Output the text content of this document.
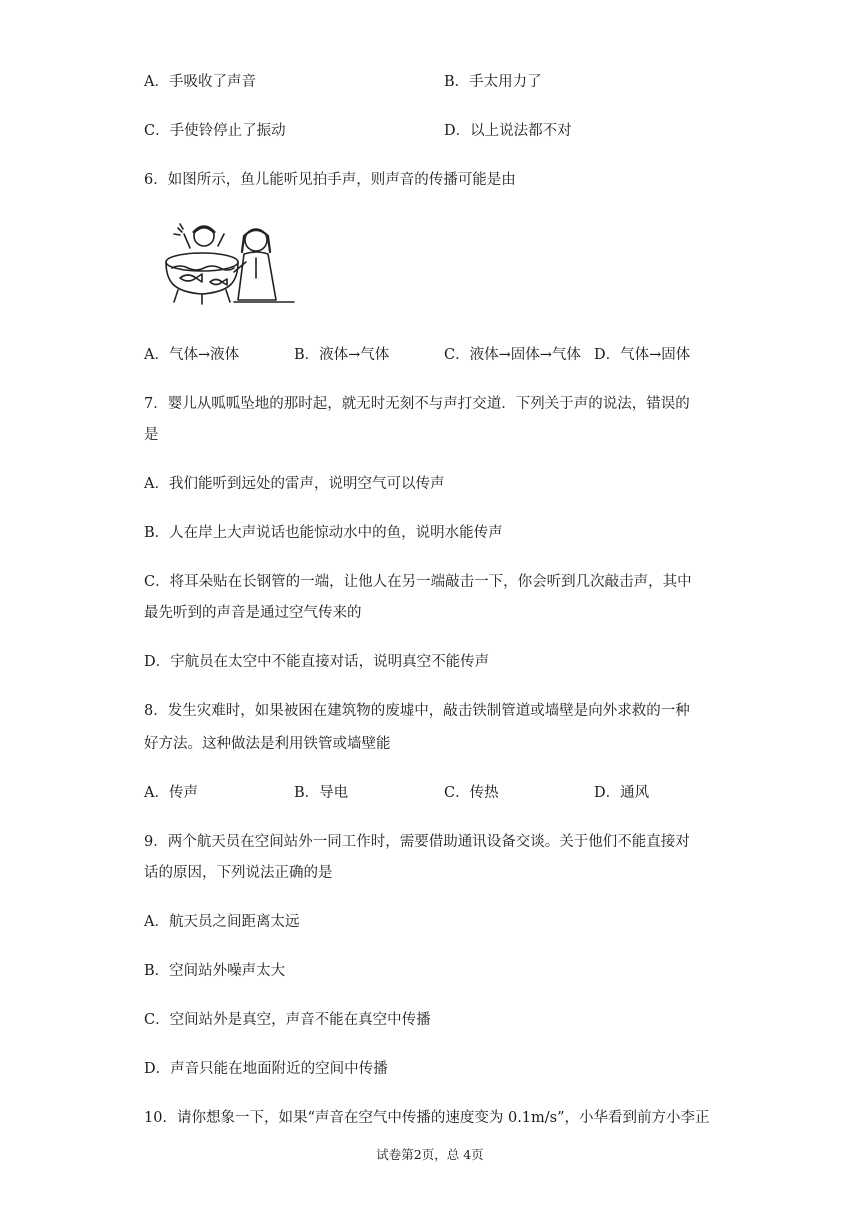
A．手吸收了声音	B．手太用力了
C．手使铃停止了振动	D．以上说法都不对
6．如图所示，鱼儿能听见拍手声，则声音的传播可能是由
A．气体→液体	B．液体→气体	C．液体→固体→气体 D．气体→固体
7．婴儿从呱呱坠地的那时起，就无时无刻不与声打交道．下列关于声的说法，错误的
是
A．我们能听到远处的雷声，说明空气可以传声
B．人在岸上大声说话也能惊动水中的鱼，说明水能传声
C．将耳朵贴在长钢管的一端，让他人在另一端敲击一下，你会听到几次敲击声，其中
最先听到的声音是通过空气传来的
D．宇航员在太空中不能直接对话，说明真空不能传声
8．发生灾难时，如果被困在建筑物的废墟中，敲击铁制管道或墙壁是向外求救的一种
好方法。这种做法是利用铁管或墙壁能
A．传声	B．导电	C．传热	D．通风
9．两个航天员在空间站外一同工作时，需要借助通讯设备交谈。关于他们不能直接对
话的原因，下列说法正确的是
A．航天员之间距离太远
B．空间站外噪声太大
C．空间站外是真空，声音不能在真空中传播
D．声音只能在地面附近的空间中传播
10．请你想象一下，如果“声音在空气中传播的速度变为 0.1m/s”，小华看到前方小李正
试卷第2页，总 4页
